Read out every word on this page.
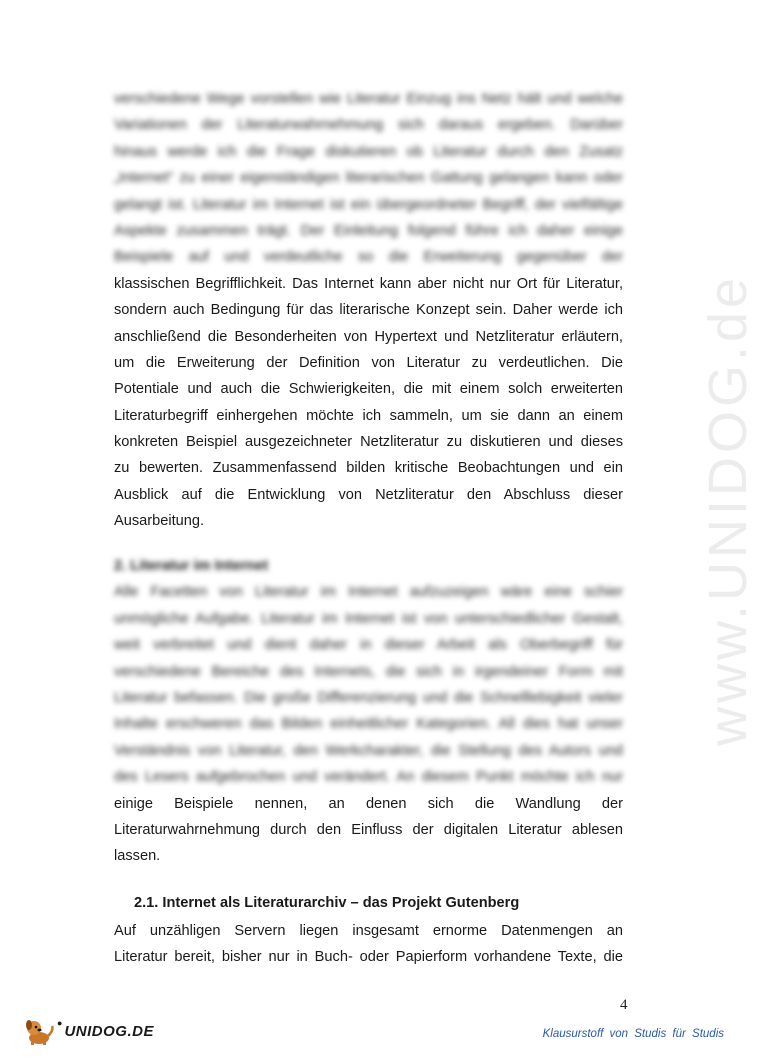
www.UNIDOG.de
verschiedene Wege vorstellen wie Literatur Einzug ins Netz hält und welche
Variationen der Literaturwahrnehmung sich daraus ergeben. Darüber
hinaus werde ich die Frage diskutieren ob Literatur durch den Zusatz
„Internet“ zu einer eigenständigen literarischen Gattung gelangen kann oder
gelangt ist. Literatur im Internet ist ein übergeordneter Begriff, der vielfältige
Aspekte zusammen trägt. Der Einleitung folgend führe ich daher einige
Beispiele auf und verdeutliche so die Erweiterung gegenüber der
klassischen Begrifflichkeit. Das Internet kann aber nicht nur Ort für Literatur,
sondern auch Bedingung für das literarische Konzept sein. Daher werde ich
anschließend die Besonderheiten von Hypertext und Netzliteratur erläutern,
um die Erweiterung der Definition von Literatur zu verdeutlichen. Die
Potentiale und auch die Schwierigkeiten, die mit einem solch erweiterten
Literaturbegriff einhergehen möchte ich sammeln, um sie dann an einem
konkreten Beispiel ausgezeichneter Netzliteratur zu diskutieren und dieses
zu bewerten. Zusammenfassend bilden kritische Beobachtungen und ein
Ausblick auf die Entwicklung von Netzliteratur den Abschluss dieser
Ausarbeitung.
2. Literatur im Internet
Alle Facetten von Literatur im Internet aufzuzeigen wäre eine schier
unmögliche Aufgabe. Literatur im Internet ist von unterschiedlicher Gestalt,
weit verbreitet und dient daher in dieser Arbeit als Oberbegriff für
verschiedene Bereiche des Internets, die sich in irgendeiner Form mit
Literatur befassen. Die große Differenzierung und die Schnelllebigkeit vieler
Inhalte erschweren das Bilden einheitlicher Kategorien. All dies hat unser
Verständnis von Literatur, den Werkcharakter, die Stellung des Autors und
des Lesers aufgebrochen und verändert. An diesem Punkt möchte ich nur
einige Beispiele nennen, an denen sich die Wandlung der
Literaturwahrnehmung durch den Einfluss der digitalen Literatur ablesen
lassen.
2.1. Internet als Literaturarchiv – das Projekt Gutenberg
Auf unzähligen Servern liegen insgesamt ernorme Datenmengen an
Literatur bereit, bisher nur in Buch- oder Papierform vorhandene Texte, die
4
● UNIDOG.DE	Klausurstoff von Studis für Studis
